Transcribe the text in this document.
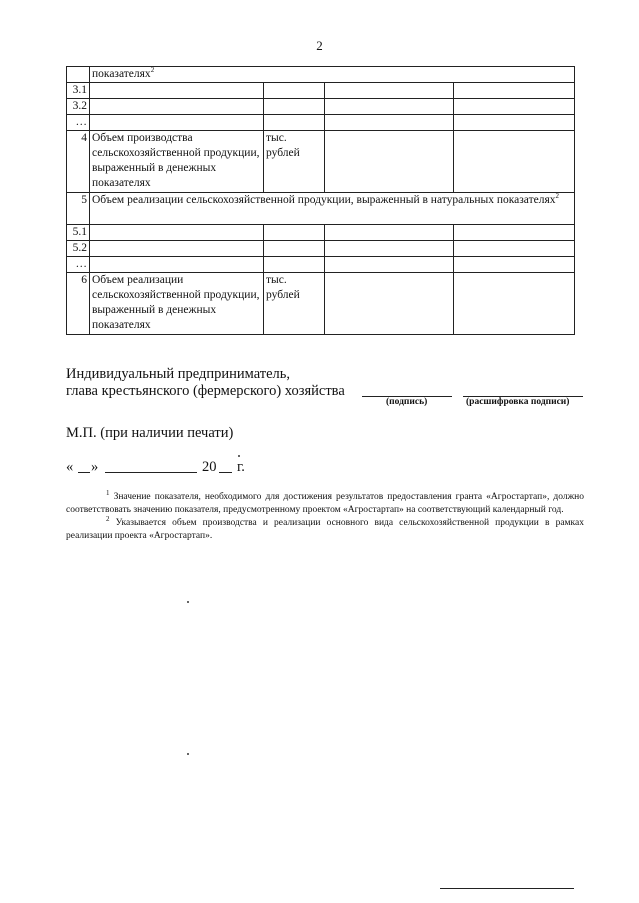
2
	показателях$^2$
3.1				
3.2				
…				
4	Объем производства сельскохозяйственной продукции, выраженный в денежных показателях	тыс. рублей		
5	Объем реализации сельскохозяйственной продукции, выраженный в натуральных показателях$^2$
5.1				
5.2				
…				
6	Объем реализации сельскохозяйственной продукции, выраженный в денежных показателях	тыс. рублей		
Индивидуальный предприниматель,
глава крестьянского (фермерского) хозяйства
(подпись)	(расшифровка подписи)
М.П. (при наличии печати)
« »	20 г.

$^1$ Значение показателя, необходимого для достижения результатов предоставления гранта «Агростартап», должно соответствовать значению показателя, предусмотренному проектом «Агростартап» на соответствующий календарный год.

$^2$ Указывается объем производства и реализации основного вида сельскохозяйственной продукции в рамках реализации проекта «Агростартап».
